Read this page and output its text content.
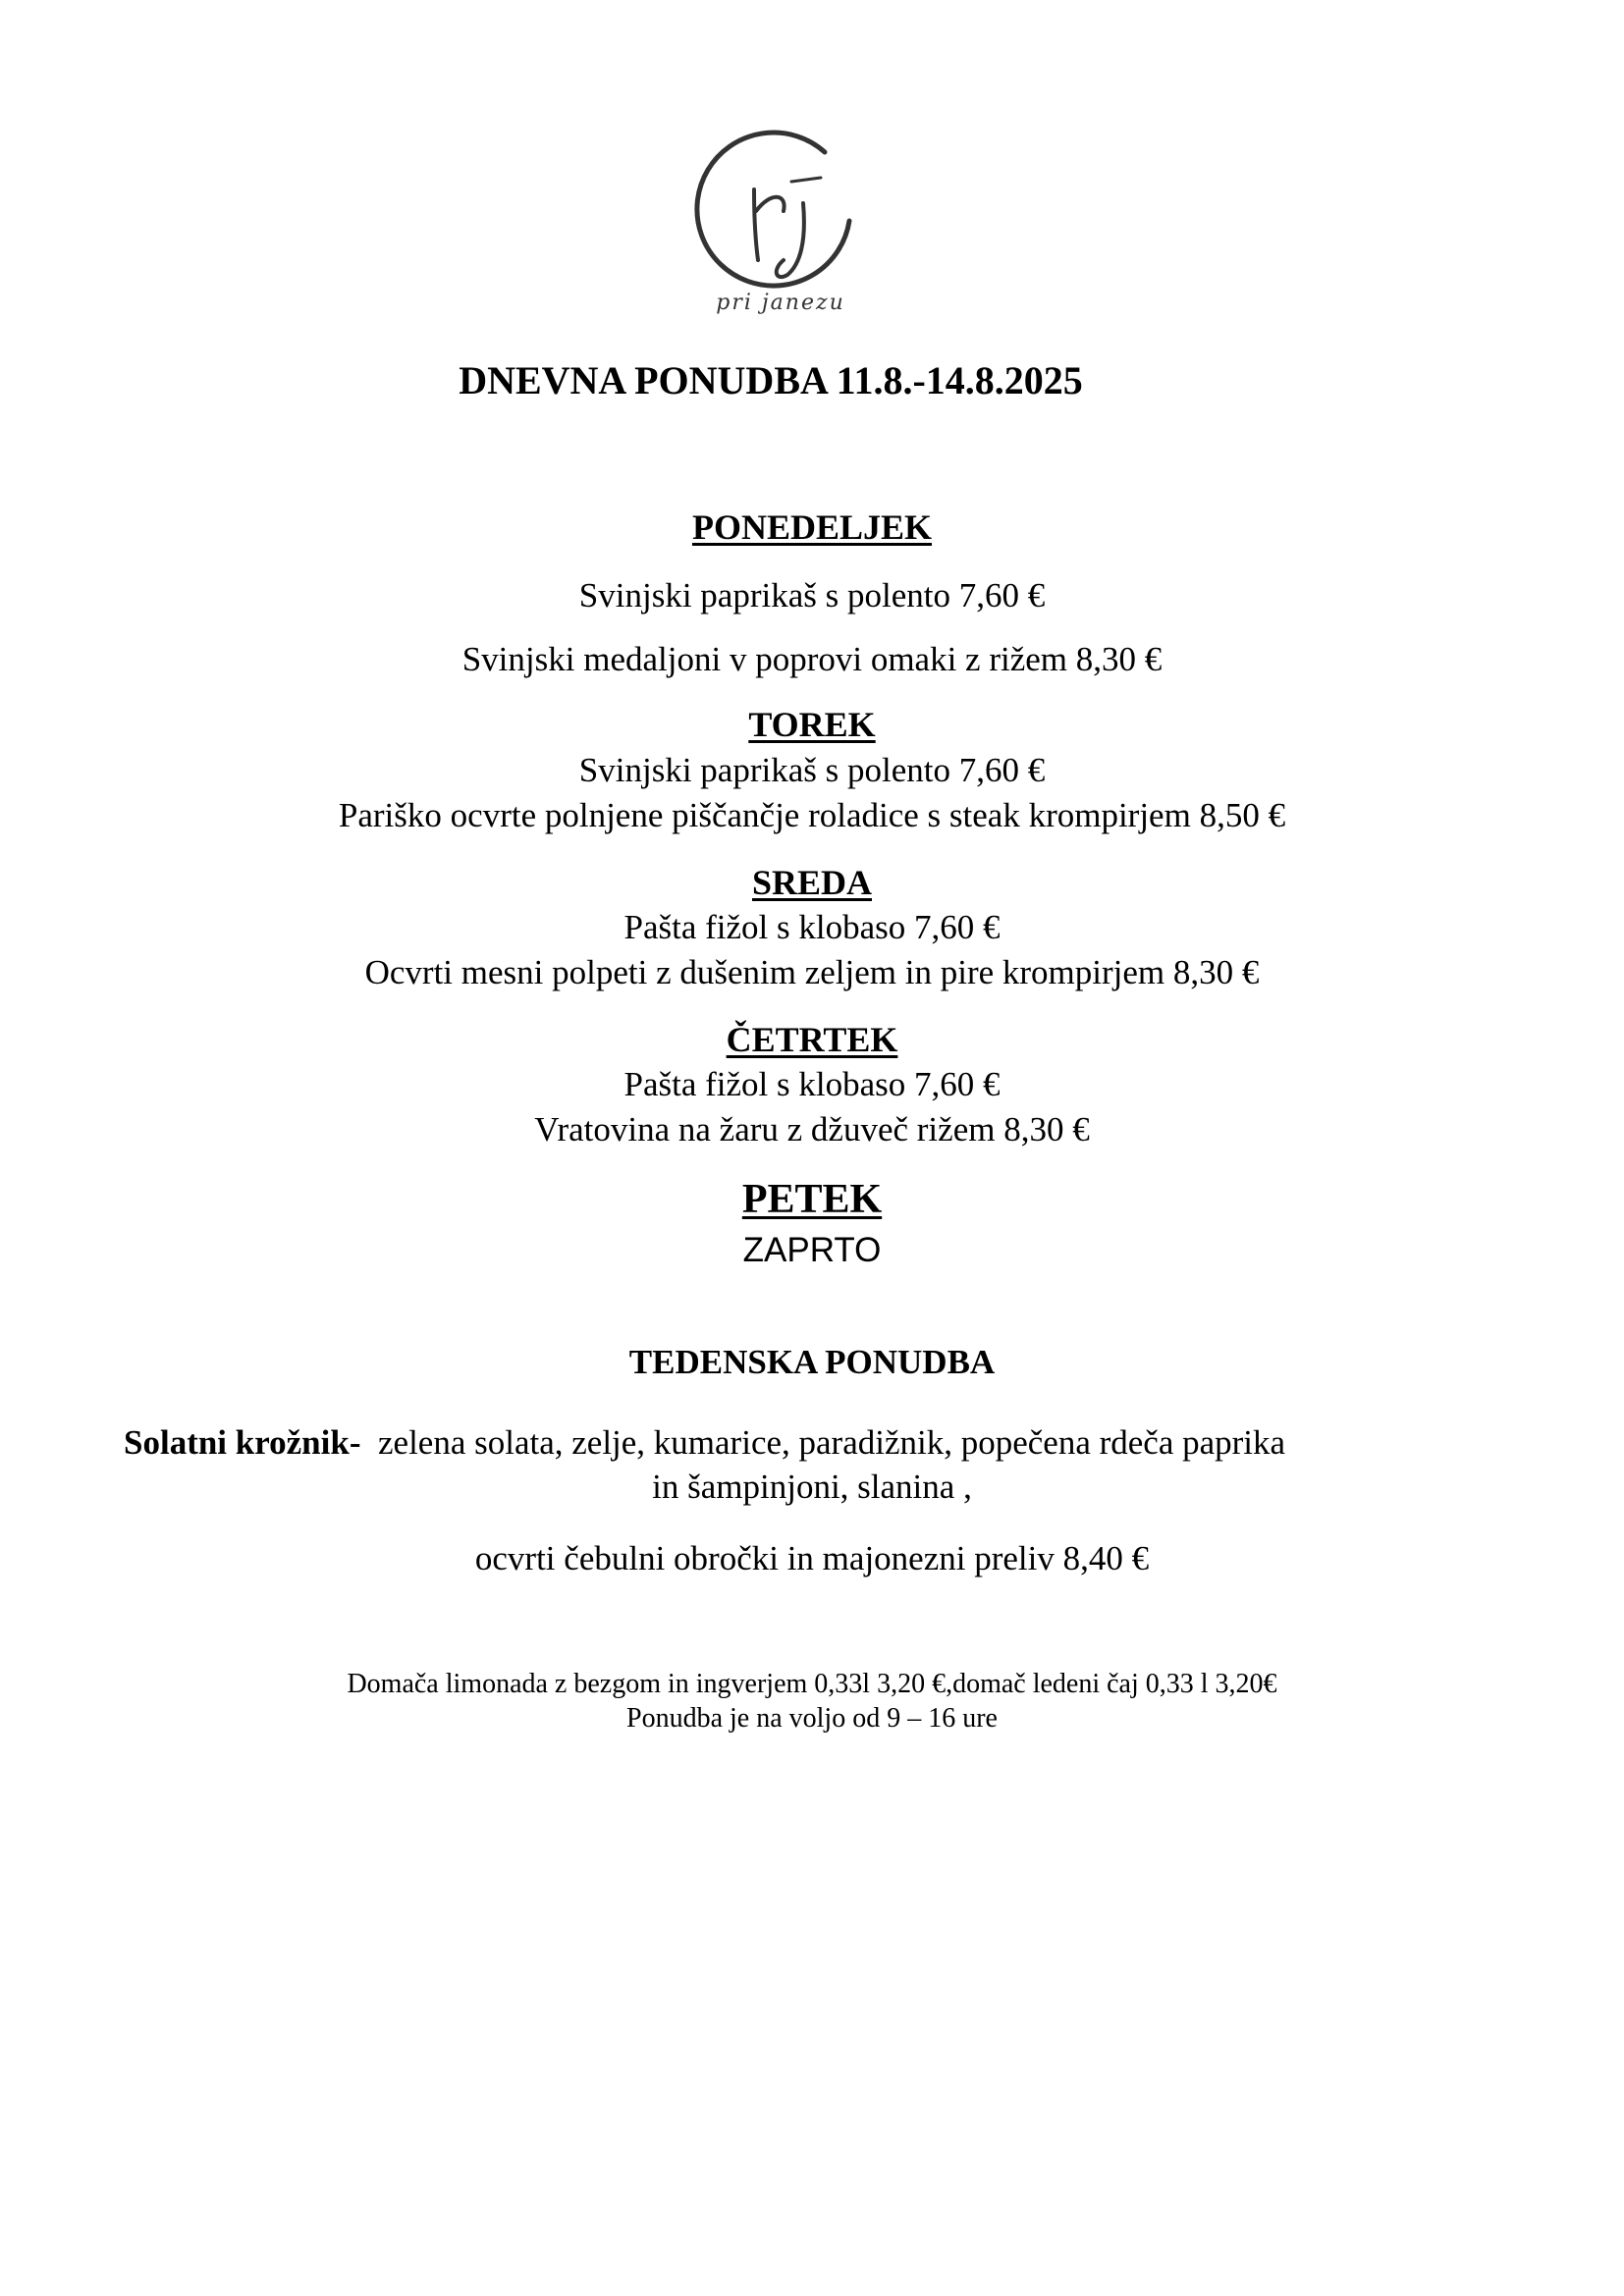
pri janezu
DNEVNA PONUDBA 11.8.-14.8.2025
PONEDELJEK
Svinjski paprikaš s polento 7,60 €
Svinjski medaljoni v poprovi omaki z rižem 8,30 €
TOREK
Svinjski paprikaš s polento 7,60 €
Pariško ocvrte polnjene piščančje roladice s steak krompirjem 8,50 €
SREDA
Pašta fižol s klobaso 7,60 €
Ocvrti mesni polpeti z dušenim zeljem in pire krompirjem 8,30 €
ČETRTEK
Pašta fižol s klobaso 7,60 €
Vratovina na žaru z džuveč rižem 8,30 €
PETEK
ZAPRTO
TEDENSKA PONUDBA
Solatni krožnik- zelena solata, zelje, kumarice, paradižnik, popečena rdeča paprika
in šampinjoni, slanina ,
ocvrti čebulni obročki in majonezni preliv 8,40 €
Domača limonada z bezgom in ingverjem 0,33l 3,20 €,domač ledeni čaj 0,33 l 3,20€
Ponudba je na voljo od 9 – 16 ure
